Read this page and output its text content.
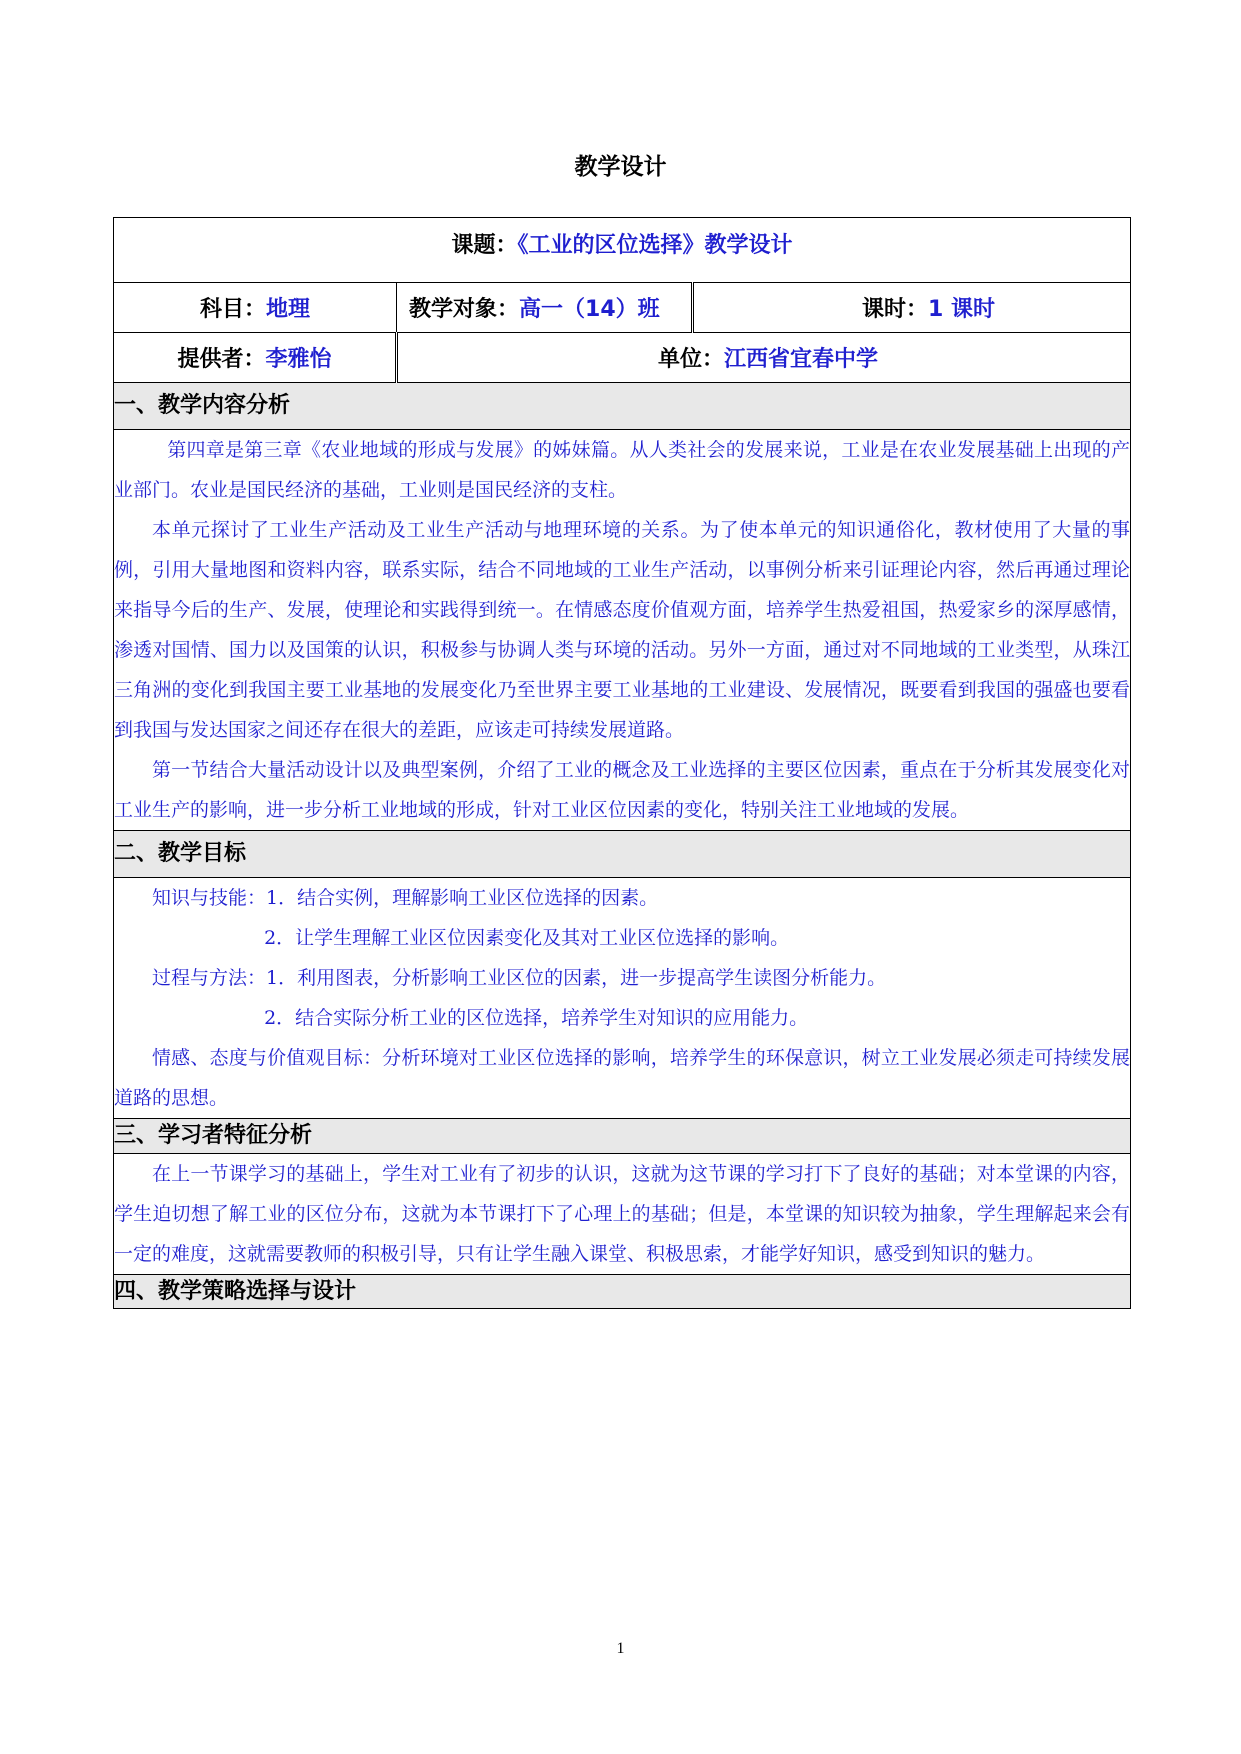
教学设计
课题：《工业的区位选择》教学设计		
科目：地理	教学对象：高一（14）班	课时：1 课时
提供者：李雅怡	单位：江西省宜春中学	
一、教学内容分析		

第四章是第三章《农业地域的形成与发展》的姊妹篇。从人类社会的发展来说，工业是在农业发展基础上出现的产业部门。农业是国民经济的基础，工业则是国民经济的支柱。

本单元探讨了工业生产活动及工业生产活动与地理环境的关系。为了使本单元的知识通俗化，教材使用了大量的事例，引用大量地图和资料内容，联系实际，结合不同地域的工业生产活动，以事例分析来引证理论内容，然后再通过理论来指导今后的生产、发展，使理论和实践得到统一。在情感态度价值观方面，培养学生热爱祖国，热爱家乡的深厚感情，渗透对国情、国力以及国策的认识，积极参与协调人类与环境的活动。另外一方面，通过对不同地域的工业类型，从珠江三角洲的变化到我国主要工业基地的发展变化乃至世界主要工业基地的工业建设、发展情况，既要看到我国的强盛也要看到我国与发达国家之间还存在很大的差距，应该走可持续发展道路。

第一节结合大量活动设计以及典型案例，介绍了工业的概念及工业选择的主要区位因素，重点在于分析其发展变化对工业生产的影响，进一步分析工业地域的形成，针对工业区位因素的变化，特别关注工业地域的发展。		

二、教学目标		

知识与技能：1．结合实例，理解影响工业区位选择的因素。

2．让学生理解工业区位因素变化及其对工业区位选择的影响。

过程与方法：1．利用图表，分析影响工业区位的因素，进一步提高学生读图分析能力。

2．结合实际分析工业的区位选择，培养学生对知识的应用能力。

情感、态度与价值观目标：分析环境对工业区位选择的影响，培养学生的环保意识，树立工业发展必须走可持续发展道路的思想。		

三、学习者特征分析		

在上一节课学习的基础上，学生对工业有了初步的认识，这就为这节课的学习打下了良好的基础；对本堂课的内容，学生迫切想了解工业的区位分布，这就为本节课打下了心理上的基础；但是，本堂课的知识较为抽象，学生理解起来会有一定的难度，这就需要教师的积极引导，只有让学生融入课堂、积极思索，才能学好知识，感受到知识的魅力。		

四、教学策略选择与设计		
1
